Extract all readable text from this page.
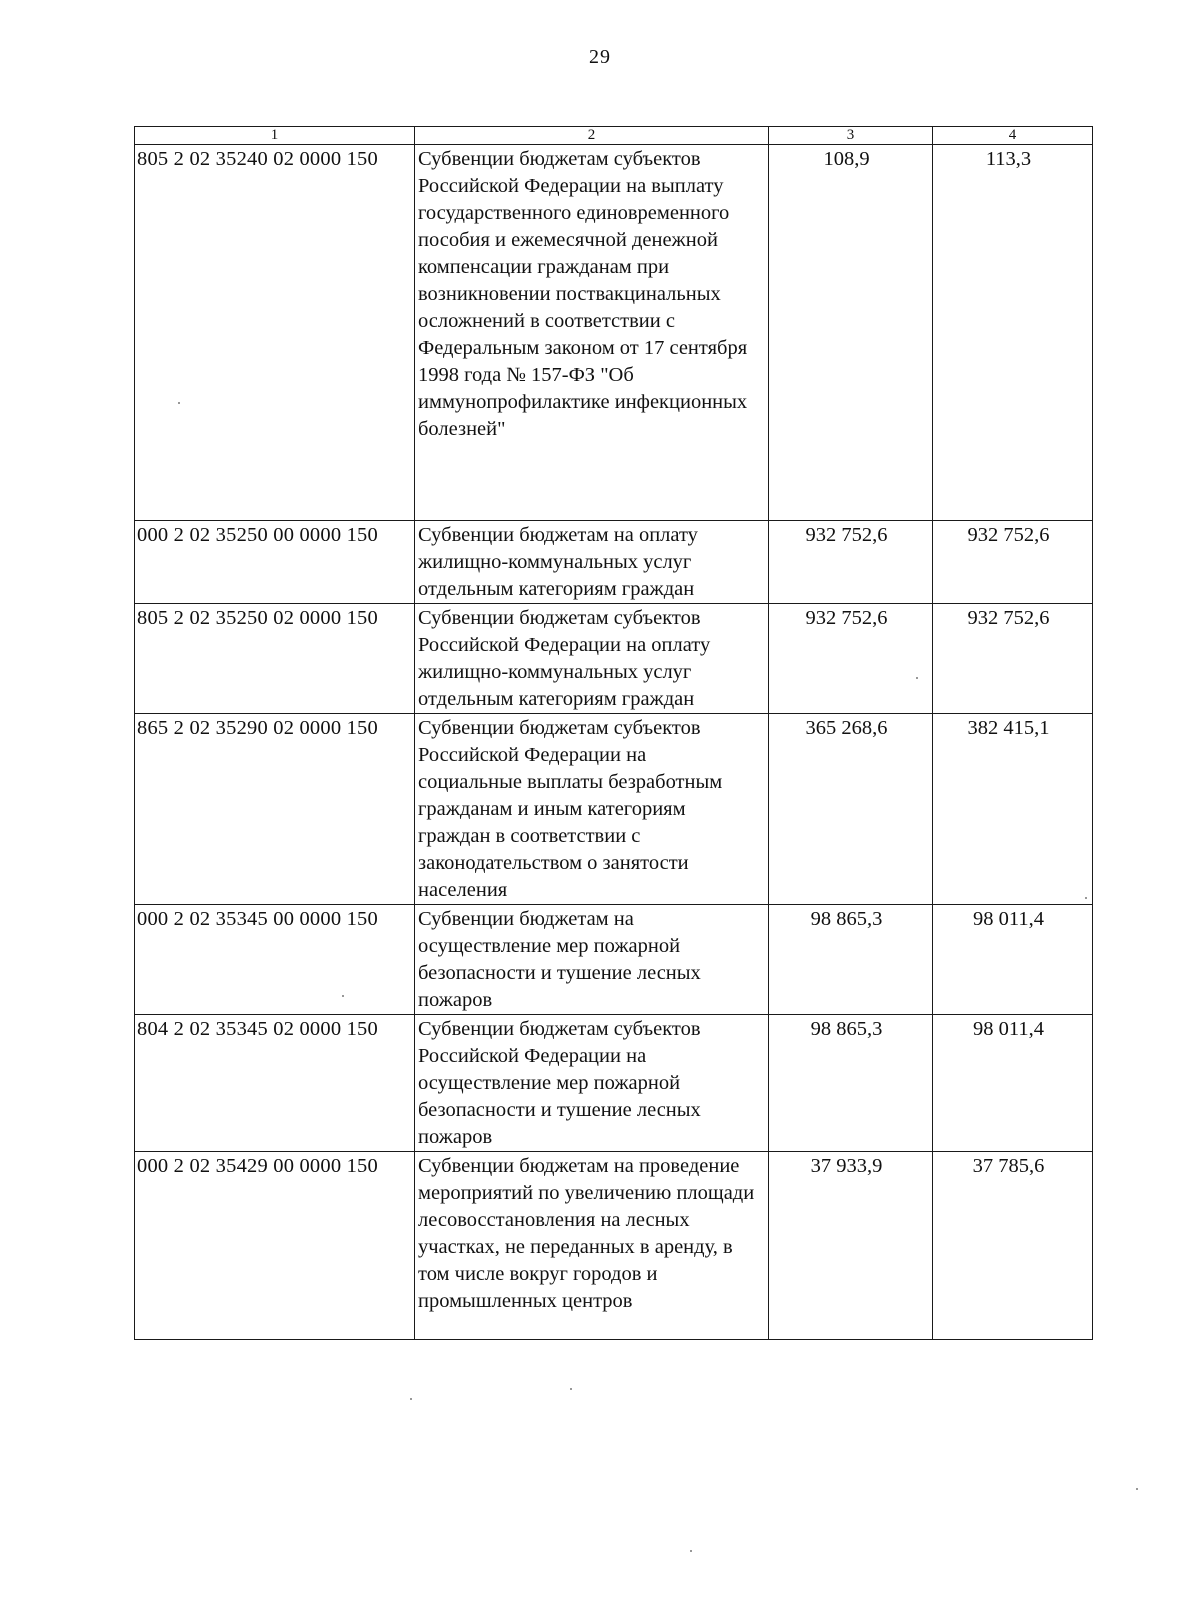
29
1	2	3	4
805 2 02 35240 02 0000 150	Субвенции бюджетам субъектов Российской Федерации на выплату государственного единовременного пособия и ежемесячной денежной компенсации гражданам при возникновении поствакцинальных осложнений в соответствии с Федеральным законом от 17 сентября 1998 года № 157-ФЗ "Об иммунопрофилактике инфекционных болезней"	108,9	113,3
000 2 02 35250 00 0000 150	Субвенции бюджетам на оплату жилищно-коммунальных услуг отдельным категориям граждан	932 752,6	932 752,6
805 2 02 35250 02 0000 150	Субвенции бюджетам субъектов Российской Федерации на оплату жилищно-коммунальных услуг отдельным категориям граждан	932 752,6	932 752,6
865 2 02 35290 02 0000 150	Субвенции бюджетам субъектов Российской Федерации на социальные выплаты безработным гражданам и иным категориям граждан в соответствии с законодательством о занятости населения	365 268,6	382 415,1
000 2 02 35345 00 0000 150	Субвенции бюджетам на осуществление мер пожарной безопасности и тушение лесных пожаров	98 865,3	98 011,4
804 2 02 35345 02 0000 150	Субвенции бюджетам субъектов Российской Федерации на осуществление мер пожарной безопасности и тушение лесных пожаров	98 865,3	98 011,4
000 2 02 35429 00 0000 150	Субвенции бюджетам на проведение мероприятий по увеличению площади лесовосстановления на лесных участках, не переданных в аренду, в том числе вокруг городов и промышленных центров	37 933,9	37 785,6
